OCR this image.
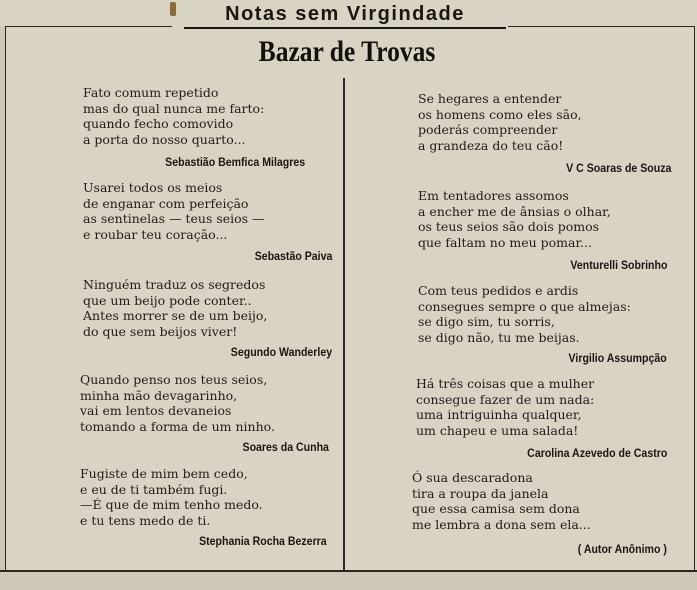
Notas sem Virgindade
Bazar de Trovas
Fato comum repetido
mas do qual nunca me farto:
quando fecho comovido
a porta do nosso quarto...
Sebastião Bemfica Milagres
Usarei todos os meios
de enganar com perfeição
as sentinelas — teus seios —
e roubar teu coração...
Sebastão Paiva
Ninguém traduz os segredos
que um beijo pode conter..
Antes morrer se de um beijo,
do que sem beijos viver!
Segundo Wanderley
Quando penso nos teus seios,
minha mão devagarinho,
vai em lentos devaneios
tomando a forma de um ninho.
Soares da Cunha
Fugiste de mim bem cedo,
e eu de ti também fugi.
—É que de mim tenho medo.
e tu tens medo de ti.
Stephania Rocha Bezerra
Se hegares a entender
os homens como eles são,
poderás compreender
a grandeza do teu cão!
V C Soaras de Souza
Em tentadores assomos
a encher me de ânsias o olhar,
os teus seios são dois pomos
que faltam no meu pomar...
Venturelli Sobrinho
Com teus pedidos e ardis
consegues sempre o que almejas:
se digo sim, tu sorris,
se digo não, tu me beijas.
Virgilio Assumpção
Há três coisas que a mulher
consegue fazer de um nada:
uma intriguinha qualquer,
um chapeu e uma salada!
Carolina Azevedo de Castro
Ó sua descaradona
tira a roupa da janela
que essa camisa sem dona
me lembra a dona sem ela...
( Autor Anônimo )
